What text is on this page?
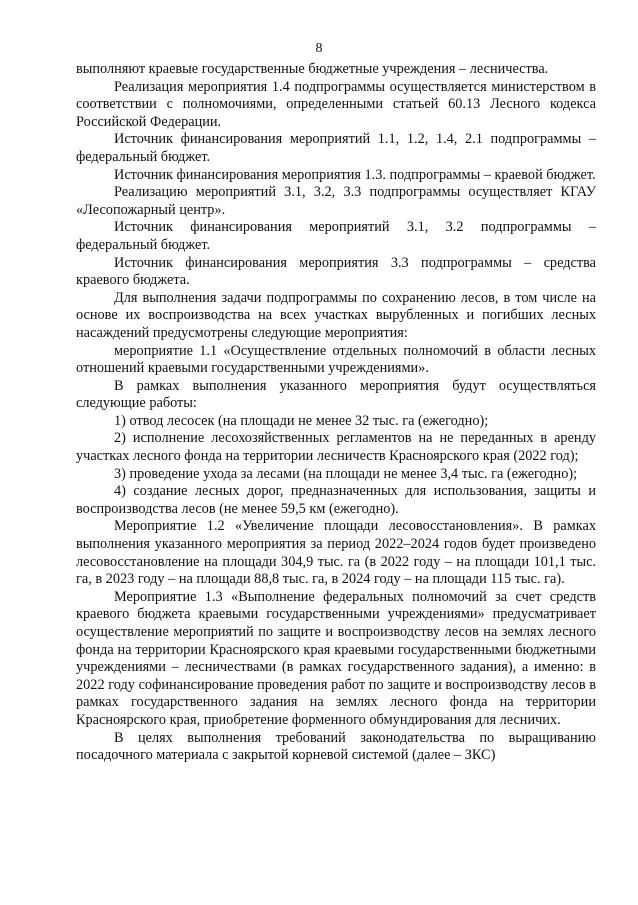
8

выполняют краевые государственные бюджетные учреждения – лесничества.

Реализация мероприятия 1.4 подпрограммы осуществляется министерством в соответствии с полномочиями, определенными статьей 60.13 Лесного кодекса Российской Федерации.

Источник финансирования мероприятий 1.1, 1.2, 1.4, 2.1 подпрограммы – федеральный бюджет.

Источник финансирования мероприятия 1.3. подпрограммы – краевой бюджет.

Реализацию мероприятий 3.1, 3.2, 3.3 подпрограммы осуществляет КГАУ «Лесопожарный центр».

Источник финансирования мероприятий 3.1, 3.2 подпрограммы – федеральный бюджет.

Источник финансирования мероприятия 3.3 подпрограммы – средства краевого бюджета.

Для выполнения задачи подпрограммы по сохранению лесов, в том числе на основе их воспроизводства на всех участках вырубленных и погибших лесных насаждений предусмотрены следующие мероприятия:

мероприятие 1.1 «Осуществление отдельных полномочий в области лесных отношений краевыми государственными учреждениями».

В рамках выполнения указанного мероприятия будут осуществляться следующие работы:

1) отвод лесосек (на площади не менее 32 тыс. га (ежегодно);

2) исполнение лесохозяйственных регламентов на не переданных в аренду участках лесного фонда на территории лесничеств Красноярского края (2022 год);

3) проведение ухода за лесами (на площади не менее 3,4 тыс. га (ежегодно);

4) создание лесных дорог, предназначенных для использования, защиты и воспроизводства лесов (не менее 59,5 км (ежегодно).

Мероприятие 1.2 «Увеличение площади лесовосстановления». В рамках выполнения указанного мероприятия за период 2022–2024 годов будет произведено лесовосстановление на площади 304,9 тыс. га (в 2022 году – на площади 101,1 тыс. га, в 2023 году – на площади 88,8 тыс. га, в 2024 году – на площади 115 тыс. га).

Мероприятие 1.3 «Выполнение федеральных полномочий за счет средств краевого бюджета краевыми государственными учреждениями» предусматривает осуществление мероприятий по защите и воспроизводству лесов на землях лесного фонда на территории Красноярского края краевыми государственными бюджетными учреждениями – лесничествами (в рамках государственного задания), а именно: в 2022 году софинансирование проведения работ по защите и воспроизводству лесов в рамках государственного задания на землях лесного фонда на территории Красноярского края, приобретение форменного обмундирования для лесничих.

В целях выполнения требований законодательства по выращиванию посадочного материала с закрытой корневой системой (далее – ЗКС)
